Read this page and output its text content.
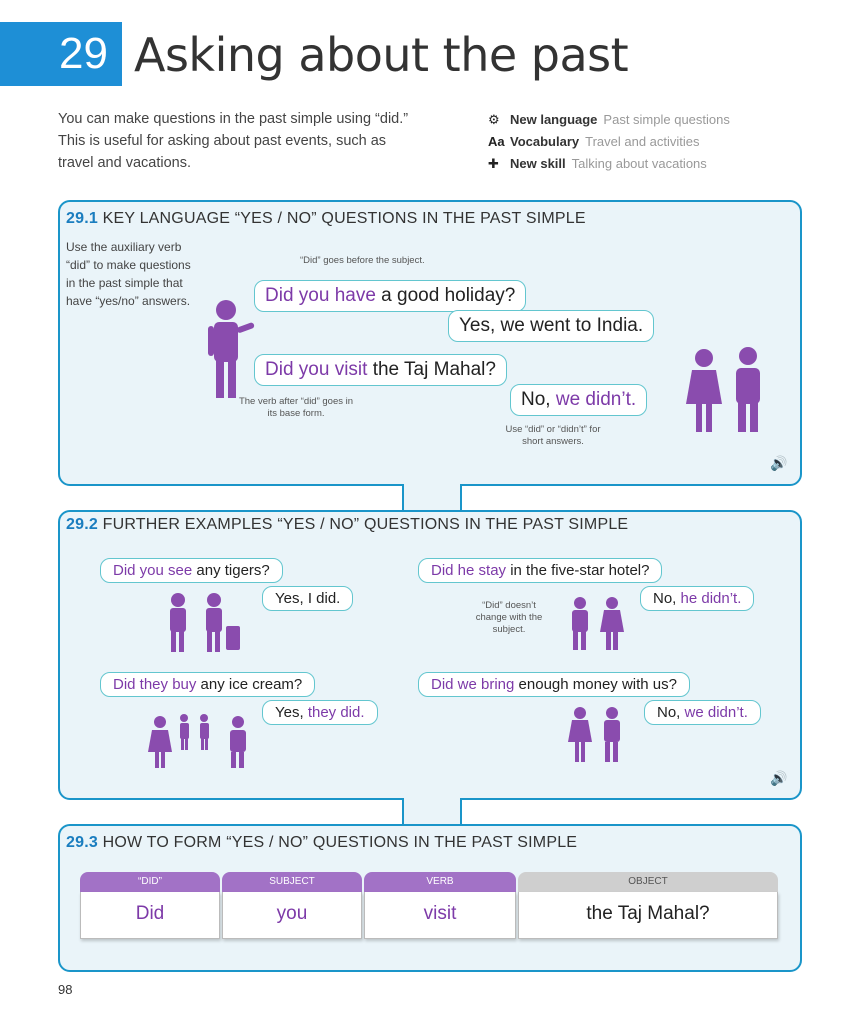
29 Asking about the past
You can make questions in the past simple using “did.” This is useful for asking about past events, such as travel and vacations.
⚙ New language Past simple questions
Aa Vocabulary Travel and activities
✚ New skill Talking about vacations
29.1 KEY LANGUAGE “YES / NO” QUESTIONS IN THE PAST SIMPLE
Use the auxiliary verb “did” to make questions in the past simple that have “yes/no” answers.
“Did” goes before the subject.
Did you have a good holiday?
Yes, we went to India.
Did you visit the Taj Mahal?
No, we didn’t.
The verb after “did” goes in its base form.
Use “did” or “didn’t” for short answers.
🔊
29.2 FURTHER EXAMPLES “YES / NO” QUESTIONS IN THE PAST SIMPLE
Did you see any tigers?
Yes, I did.
Did he stay in the five-star hotel?
No, he didn’t.
“Did” doesn’t change with the subject.
Did they buy any ice cream?
Yes, they did.
Did we bring enough money with us?
No, we didn’t.
🔊
29.3 HOW TO FORM “YES / NO” QUESTIONS IN THE PAST SIMPLE
“DID”
Did
SUBJECT
you
VERB
visit
OBJECT
the Taj Mahal?
98
